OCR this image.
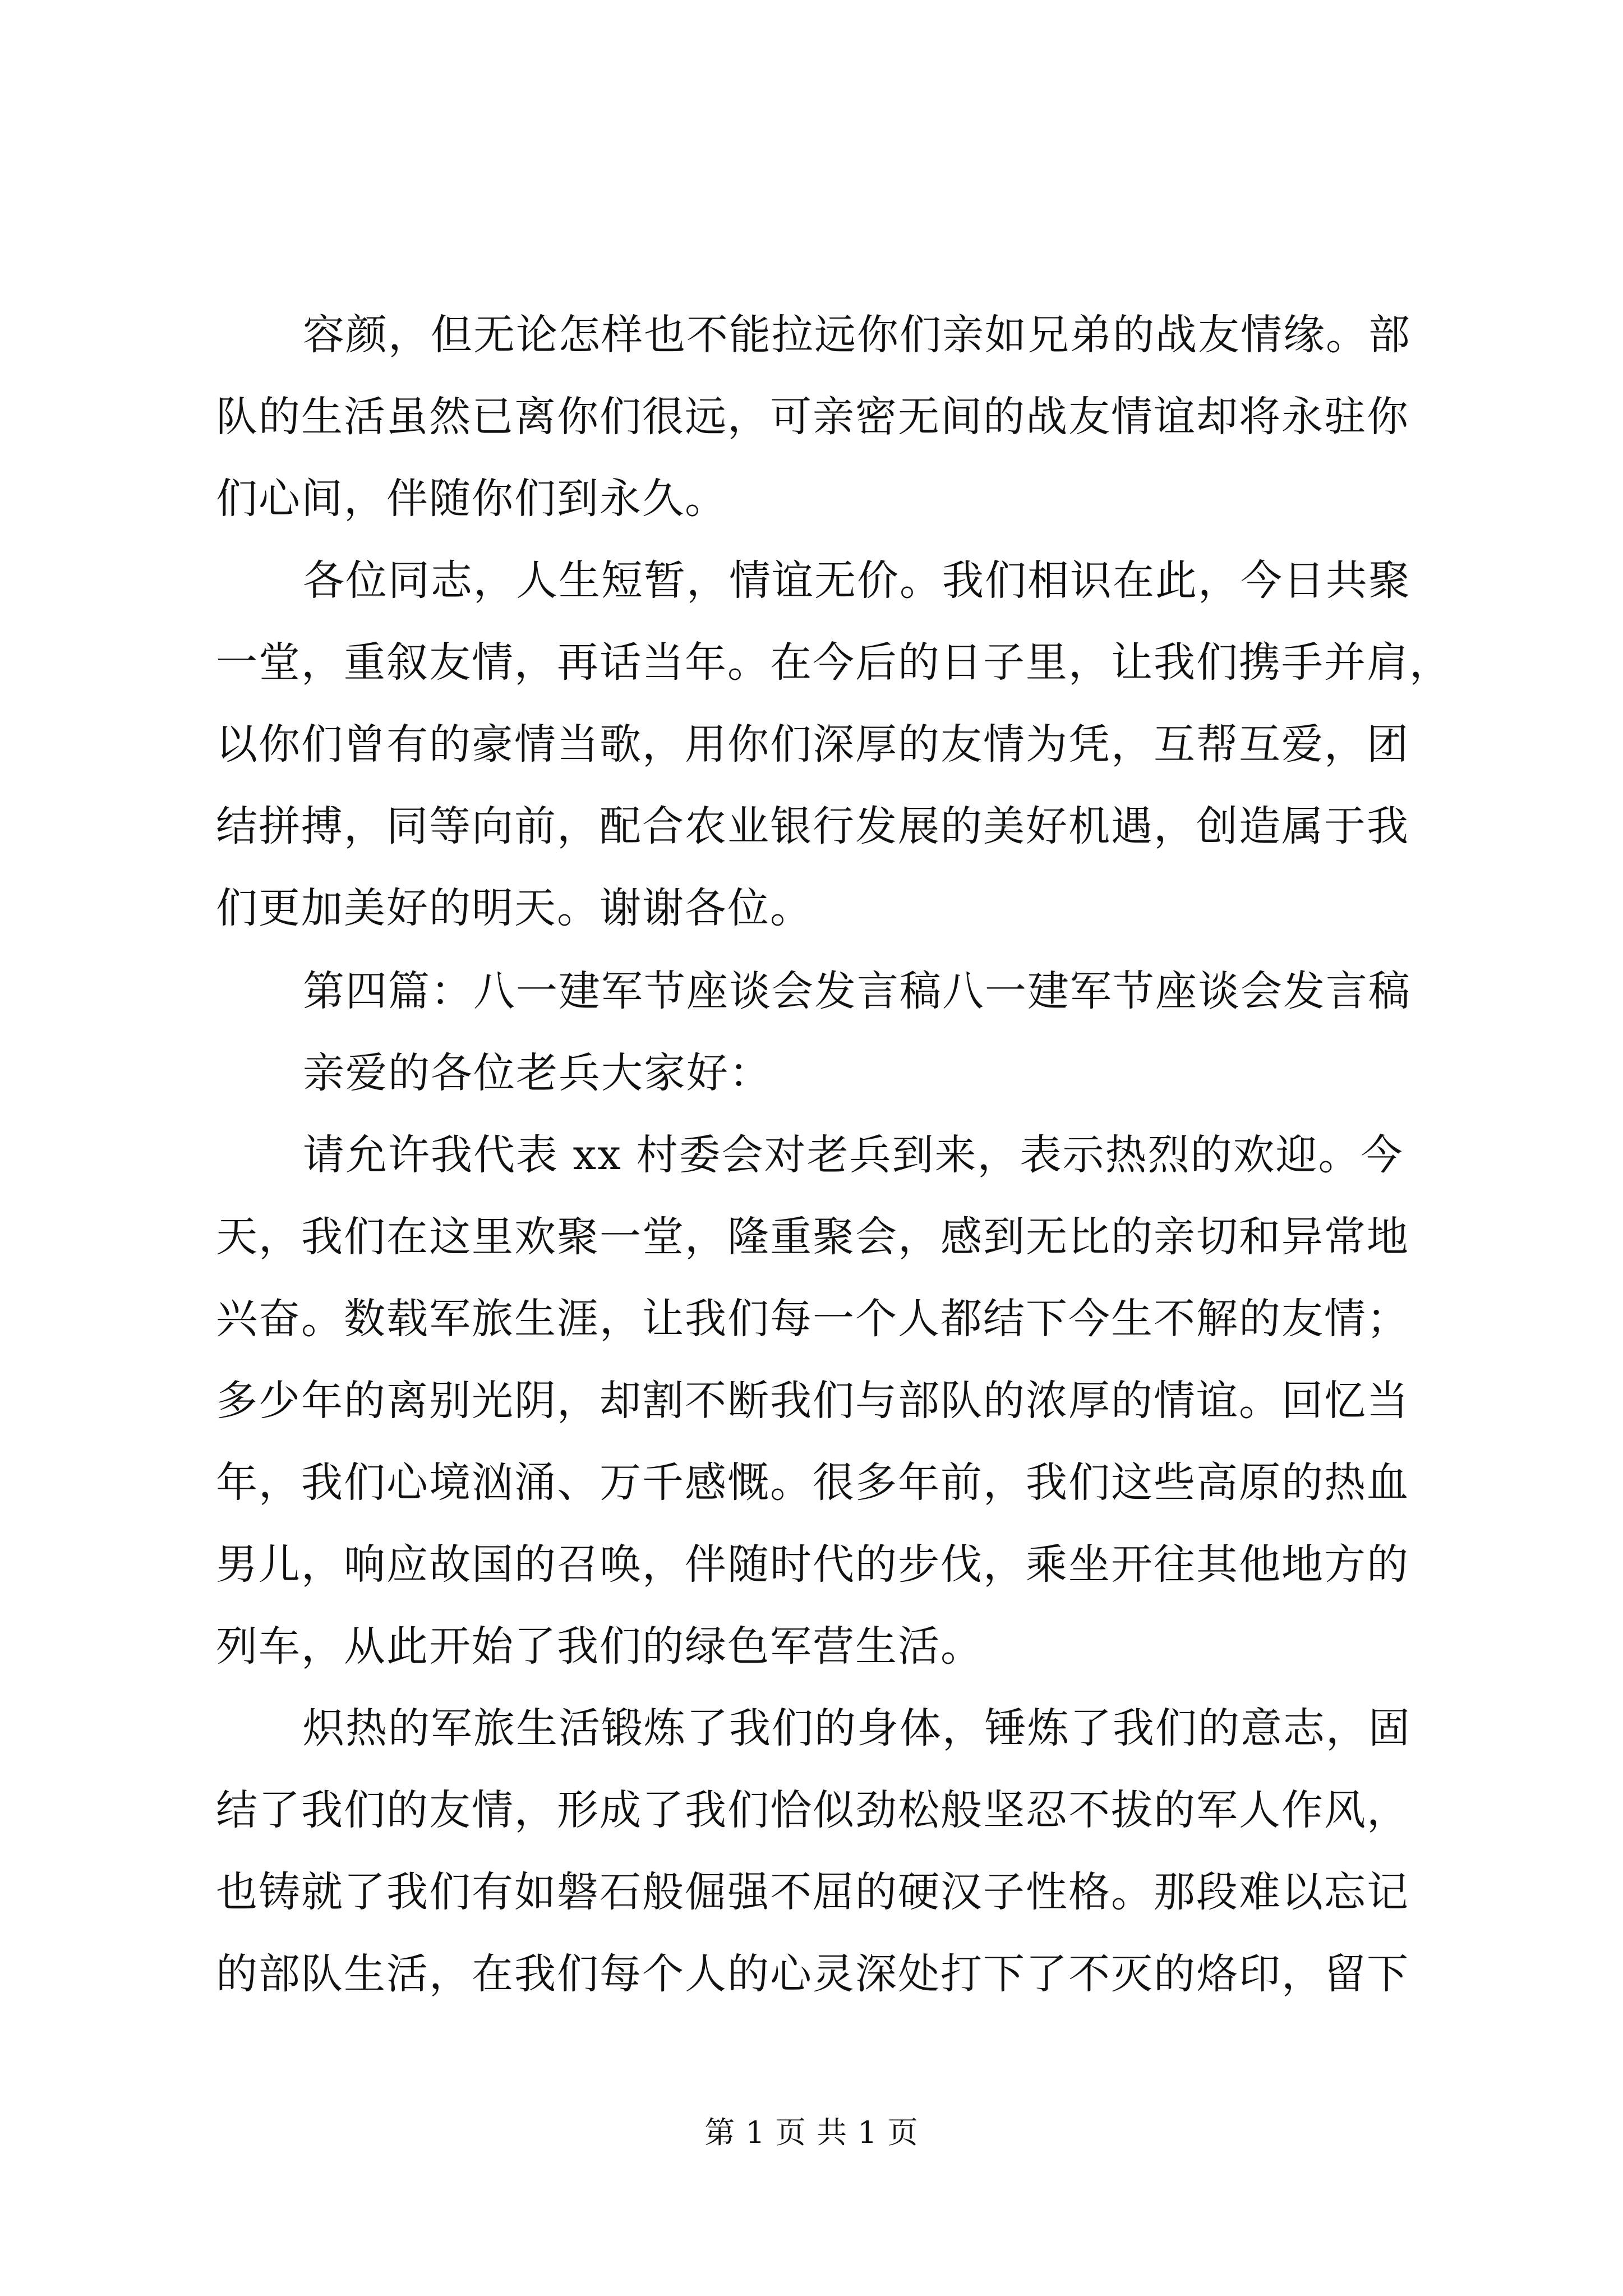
容颜，但无论怎样也不能拉远你们亲如兄弟的战友情缘。部
队的生活虽然已离你们很远，可亲密无间的战友情谊却将永驻你
们心间，伴随你们到永久。
各位同志，人生短暂，情谊无价。我们相识在此，今日共聚
一堂，重叙友情，再话当年。在今后的日子里，让我们携手并肩，
以你们曾有的豪情当歌，用你们深厚的友情为凭，互帮互爱，团
结拼搏，同等向前，配合农业银行发展的美好机遇，创造属于我
们更加美好的明天。谢谢各位。
第四篇：八一建军节座谈会发言稿八一建军节座谈会发言稿
亲爱的各位老兵大家好：
请允许我代表 xx 村委会对老兵到来，表示热烈的欢迎。今
天，我们在这里欢聚一堂，隆重聚会，感到无比的亲切和异常地
兴奋。数载军旅生涯，让我们每一个人都结下今生不解的友情；
多少年的离别光阴，却割不断我们与部队的浓厚的情谊。回忆当
年，我们心境汹涌、万千感慨。很多年前，我们这些高原的热血
男儿，响应故国的召唤，伴随时代的步伐，乘坐开往其他地方的
列车，从此开始了我们的绿色军营生活。
炽热的军旅生活锻炼了我们的身体，锤炼了我们的意志，固
结了我们的友情，形成了我们恰似劲松般坚忍不拔的军人作风，
也铸就了我们有如磐石般倔强不屈的硬汉子性格。那段难以忘记
的部队生活，在我们每个人的心灵深处打下了不灭的烙印，留下
第 1 页 共 1 页
